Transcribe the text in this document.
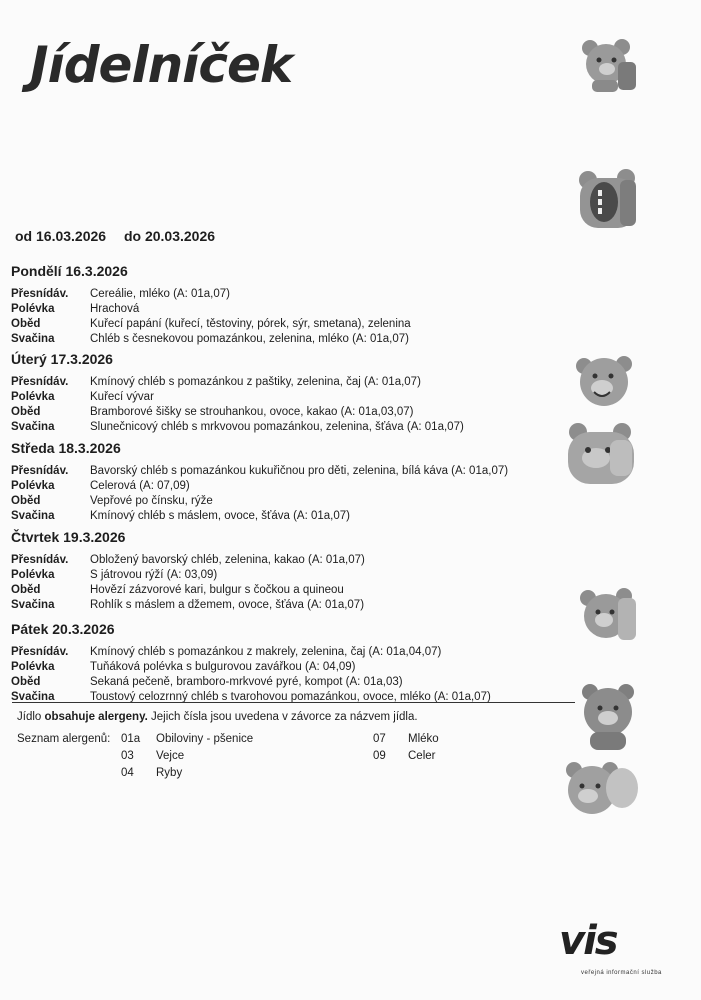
Jídelníček
od 16.03.2026 do 20.03.2026
Pondělí 16.3.2026
Přesnídáv.	Cereálie, mléko (A: 01a,07)
Polévka	Hrachová
Oběd	Kuřecí papání (kuřecí, těstoviny, pórek, sýr, smetana), zelenina
Svačina	Chléb s česnekovou pomazánkou, zelenina, mléko (A: 01a,07)
Úterý 17.3.2026
Přesnídáv.	Kmínový chléb s pomazánkou z paštiky, zelenina, čaj (A: 01a,07)
Polévka	Kuřecí vývar
Oběd	Bramborové šišky se strouhankou, ovoce, kakao (A: 01a,03,07)
Svačina	Slunečnicový chléb s mrkvovou pomazánkou, zelenina, šťáva (A: 01a,07)
Středa 18.3.2026
Přesnídáv.	Bavorský chléb s pomazánkou kukuřičnou pro děti, zelenina, bílá káva (A: 01a,07)
Polévka	Celerová (A: 07,09)
Oběd	Vepřové po čínsku, rýže
Svačina	Kmínový chléb s máslem, ovoce, šťáva (A: 01a,07)
Čtvrtek 19.3.2026
Přesnídáv.	Obložený bavorský chléb, zelenina, kakao (A: 01a,07)
Polévka	S játrovou rýží (A: 03,09)
Oběd	Hovězí zázvorové kari, bulgur s čočkou a quineou
Svačina	Rohlík s máslem a džemem, ovoce, šťáva (A: 01a,07)
Pátek 20.3.2026
Přesnídáv.	Kmínový chléb s pomazánkou z makrely, zelenina, čaj (A: 01a,04,07)
Polévka	Tuňáková polévka s bulgurovou zavářkou (A: 04,09)
Oběd	Sekaná pečeně, bramboro-mrkvové pyré, kompot (A: 01a,03)
Svačina	Toustový celozrnný chléb s tvarohovou pomazánkou, ovoce, mléko (A: 01a,07)
Jídlo obsahuje alergeny. Jejich čísla jsou uvedena v závorce za názvem jídla.
Seznam alergenů: 01a	Obiloviny - pšenice
03	Vejce
04	Ryby
07	Mléko
09	Celer
vis
veřejná informační služba
